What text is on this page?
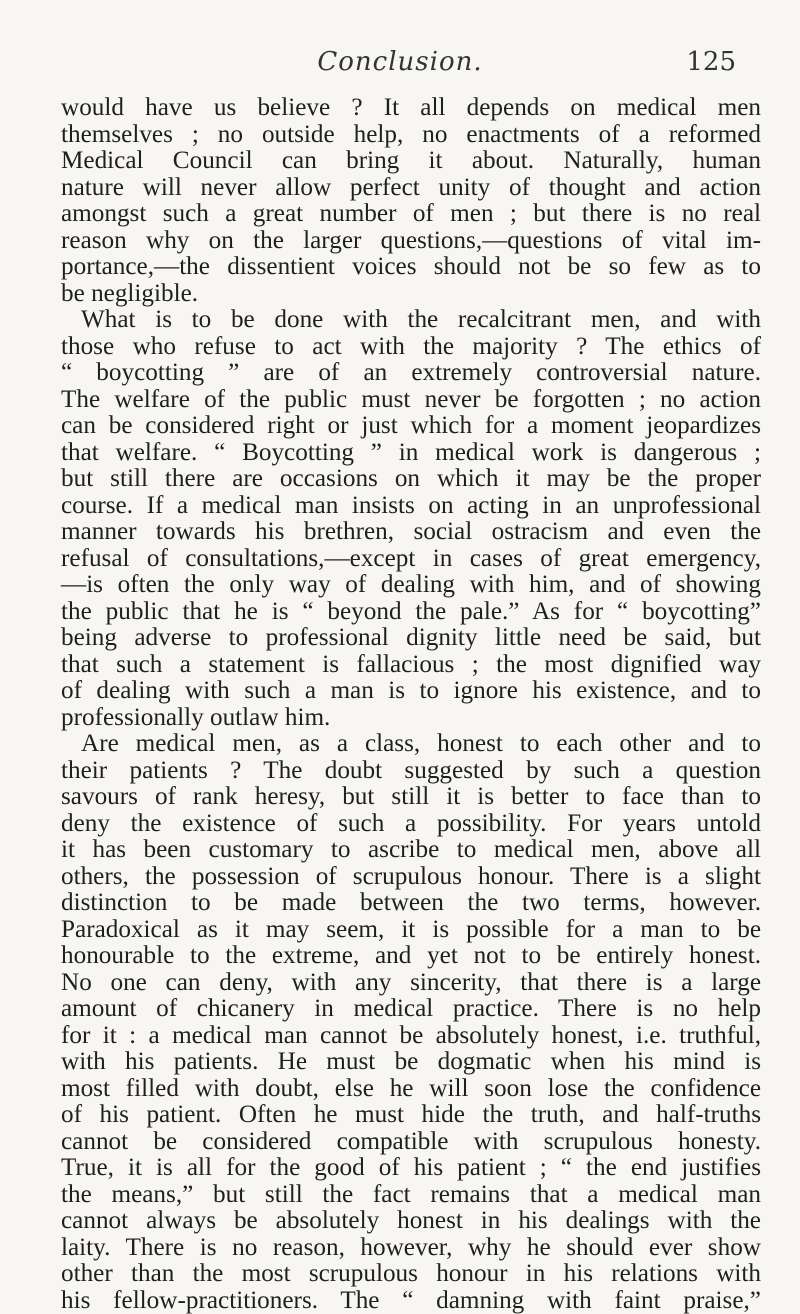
Conclusion.	125
would have us believe ? It all depends on medical men
themselves ; no outside help, no enactments of a reformed
Medical Council can bring it about. Naturally, human
nature will never allow perfect unity of thought and action
amongst such a great number of men ; but there is no real
reason why on the larger questions,—questions of vital im-
portance,—the dissentient voices should not be so few as to
be negligible.
What is to be done with the recalcitrant men, and with
those who refuse to act with the majority ? The ethics of
“ boycotting ” are of an extremely controversial nature.
The welfare of the public must never be forgotten ; no action
can be considered right or just which for a moment jeopardizes
that welfare. “ Boycotting ” in medical work is dangerous ;
but still there are occasions on which it may be the proper
course. If a medical man insists on acting in an unprofessional
manner towards his brethren, social ostracism and even the
refusal of consultations,—except in cases of great emergency,
—is often the only way of dealing with him, and of showing
the public that he is “ beyond the pale.” As for “ boycotting”
being adverse to professional dignity little need be said, but
that such a statement is fallacious ; the most dignified way
of dealing with such a man is to ignore his existence, and to
professionally outlaw him.
Are medical men, as a class, honest to each other and to
their patients ? The doubt suggested by such a question
savours of rank heresy, but still it is better to face than to
deny the existence of such a possibility. For years untold
it has been customary to ascribe to medical men, above all
others, the possession of scrupulous honour. There is a slight
distinction to be made between the two terms, however.
Paradoxical as it may seem, it is possible for a man to be
honourable to the extreme, and yet not to be entirely honest.
No one can deny, with any sincerity, that there is a large
amount of chicanery in medical practice. There is no help
for it : a medical man cannot be absolutely honest, i.e. truthful,
with his patients. He must be dogmatic when his mind is
most filled with doubt, else he will soon lose the confidence
of his patient. Often he must hide the truth, and half-truths
cannot be considered compatible with scrupulous honesty.
True, it is all for the good of his patient ; “ the end justifies
the means,” but still the fact remains that a medical man
cannot always be absolutely honest in his dealings with the
laity. There is no reason, however, why he should ever show
other than the most scrupulous honour in his relations with
his fellow-practitioners. The “ damning with faint praise,”
